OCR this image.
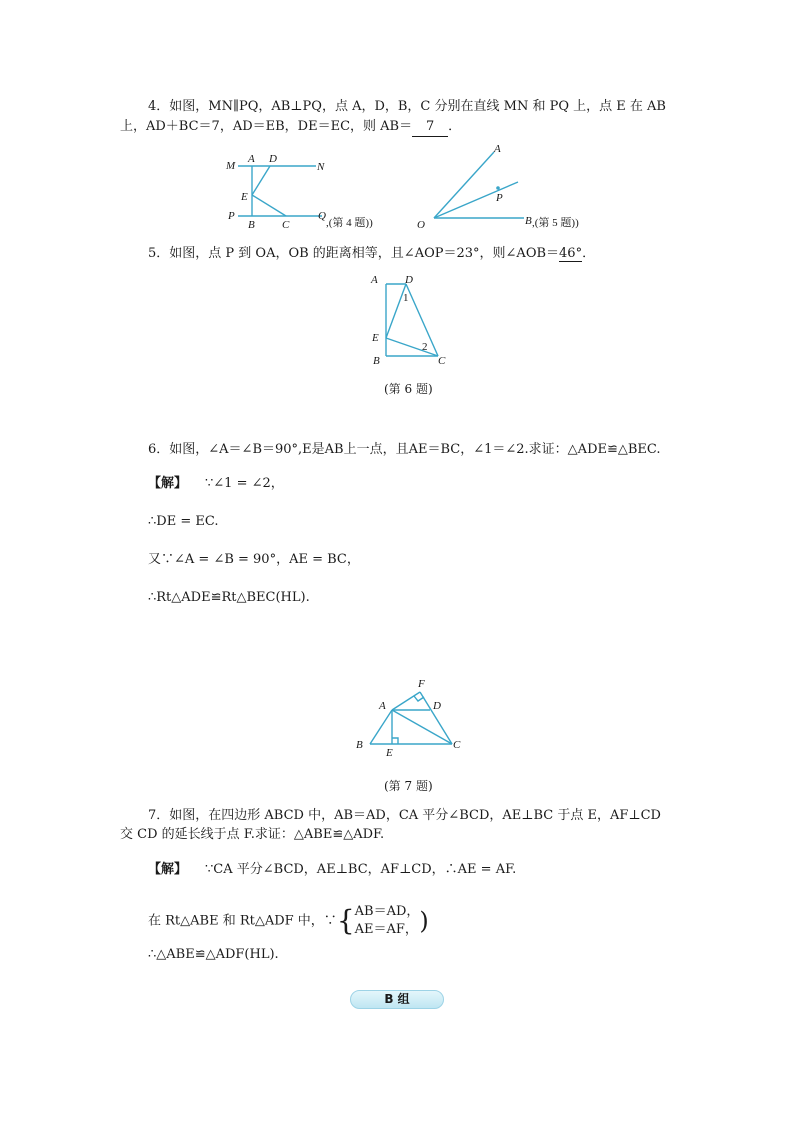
4．如图，MN∥PQ，AB⊥PQ，点 A，D，B，C 分别在直线 MN 和 PQ 上，点 E 在 AB
上，AD＋BC＝7，AD＝EB，DE＝EC，则 AB＝ 7 ．
M
A D
N
E
P
B C
Q
,(第 4 题))
A
P
O	B ,(第 5 题))
5．如图，点 P 到 OA，OB 的距离相等，且∠AOP＝23°，则∠AOB＝46°．
A D
1
E
2
B	C
(第 6 题)
6．如图，∠A＝∠B＝90°,E是AB上一点，且AE＝BC，∠1＝∠2.求证：△ADE≌△BEC.
【解】 ∵∠1 = ∠2，
∴DE = EC.
又∵∠A = ∠B = 90°，AE = BC，
∴Rt△ADE≌Rt△BEC(HL).
F
A	D
B
E
C
(第 7 题)
7．如图，在四边形 ABCD 中，AB＝AD，CA 平分∠BCD，AE⊥BC 于点 E，AF⊥CD
交 CD 的延长线于点 F.求证：△ABE≌△ADF.
【解】 ∵CA 平分∠BCD，AE⊥BC，AF⊥CD，∴AE = AF.
在 Rt△ABE 和 Rt△ADF 中，∵{ AB＝AD，
AE＝AF， )
∴△ABE≌△ADF(HL).
B 组
